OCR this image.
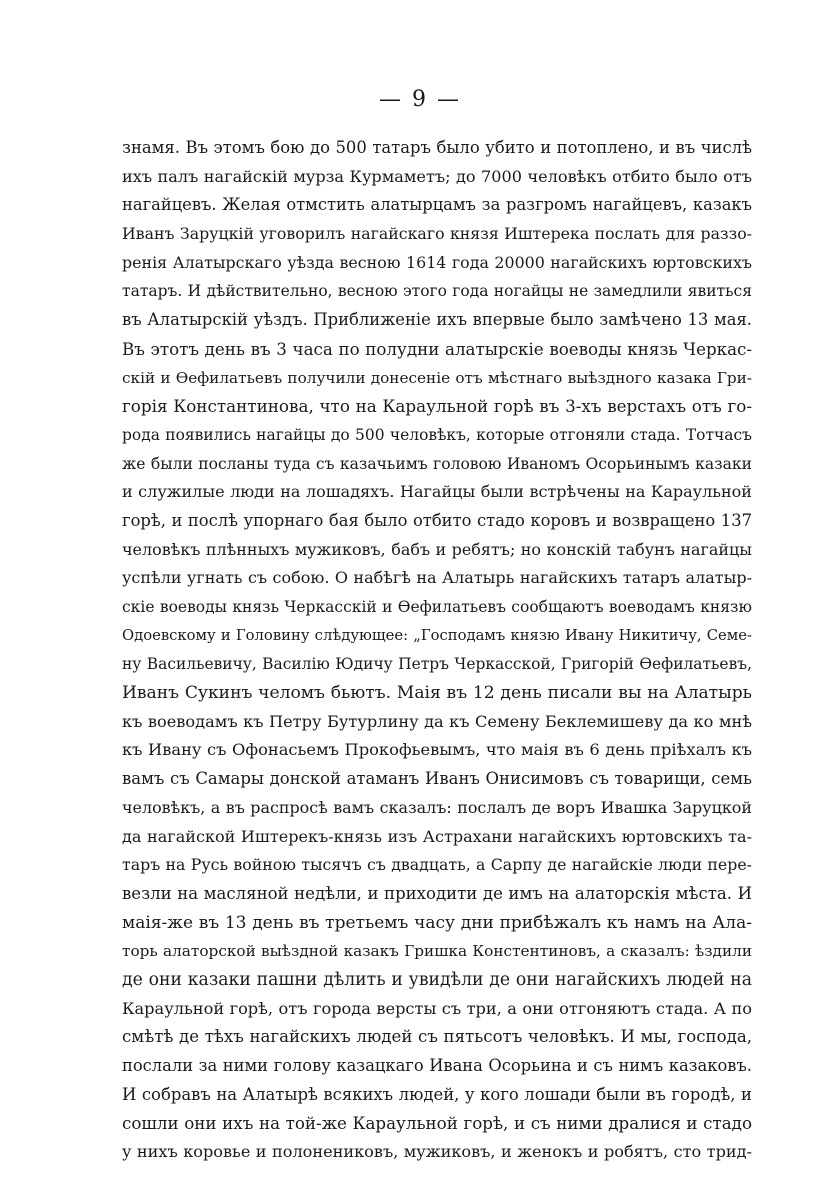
— 9 —
знамя. Въ этомъ бою до 500 татаръ было убито и потоплено, и въ числѣ
ихъ палъ нагайскій мурза Курмаметъ; до 7000 человѣкъ отбито было отъ
нагайцевъ. Желая отмстить алатырцамъ за разгромъ нагайцевъ, казакъ
Иванъ Заруцкій уговорилъ нагайскаго князя Иштерека послать для раззо-
ренія Алатырскаго уѣзда весною 1614 года 20000 нагайскихъ юртовскихъ
татаръ. И дѣйствительно, весною этого года ногайцы не замедлили явиться
въ Алатырскій уѣздъ. Приближеніе ихъ впервые было замѣчено 13 мая.
Въ этотъ день въ 3 часа по полудни алатырскіе воеводы князь Черкас-
скій и Ѳефилатьевъ получили донесеніе отъ мѣстнаго выѣздного казака Гри-
горія Константинова, что на Караульной горѣ въ 3-хъ верстахъ отъ го-
рода появились нагайцы до 500 человѣкъ, которые отгоняли стада. Тотчасъ
же были посланы туда съ казачьимъ головою Иваномъ Осорьинымъ казаки
и служилые люди на лошадяхъ. Нагайцы были встрѣчены на Караульной
горѣ, и послѣ упорнаго бая было отбито стадо коровъ и возвращено 137
человѣкъ плѣнныхъ мужиковъ, бабъ и ребятъ; но конскій табунъ нагайцы
успѣли угнать съ собою. О набѣгѣ на Алатырь нагайскихъ татаръ алатыр-
скіе воеводы князь Черкасскій и Ѳефилатьевъ сообщаютъ воеводамъ князю
Одоевскому и Головину слѣдующее: „Господамъ князю Ивану Никитичу, Семе-
ну Васильевичу, Василію Юдичу Петръ Черкасской, Григорій Ѳефилатьевъ,
Иванъ Сукинъ челомъ бьютъ. Маія въ 12 день писали вы на Алатырь
къ воеводамъ къ Петру Бутурлину да къ Семену Беклемишеву да ко мнѣ
къ Ивану съ Офонасьемъ Прокофьевымъ, что маія въ 6 день пріѣхалъ къ
вамъ съ Самары донской атаманъ Иванъ Онисимовъ съ товарищи, семь
человѣкъ, а въ распросѣ вамъ сказалъ: послалъ де воръ Ивашка Заруцкой
да нагайской Иштерекъ-князь изъ Астрахани нагайскихъ юртовскихъ та-
таръ на Русь войною тысячъ съ двадцать, а Сарпу де нагайскіе люди пере-
везли на масляной недѣли, и приходити де имъ на алаторскія мѣста. И
маія-же въ 13 день въ третьемъ часу дни прибѣжалъ къ намъ на Ала-
торь алаторской выѣздной казакъ Гришка Констентиновъ, а сказалъ: ѣздили
де они казаки пашни дѣлить и увидѣли де они нагайскихъ людей на
Караульной горѣ, отъ города версты съ три, а они отгоняютъ стада. А по
смѣтѣ де тѣхъ нагайскихъ людей съ пятьсотъ человѣкъ. И мы, господа,
послали за ними голову казацкаго Ивана Осорьина и съ нимъ казаковъ.
И собравъ на Алатырѣ всякихъ людей, у кого лошади были въ городѣ, и
сошли они ихъ на той-же Караульной горѣ, и съ ними дралися и стадо
у нихъ коровье и полонениковъ, мужиковъ, и женокъ и робятъ, сто трид-
